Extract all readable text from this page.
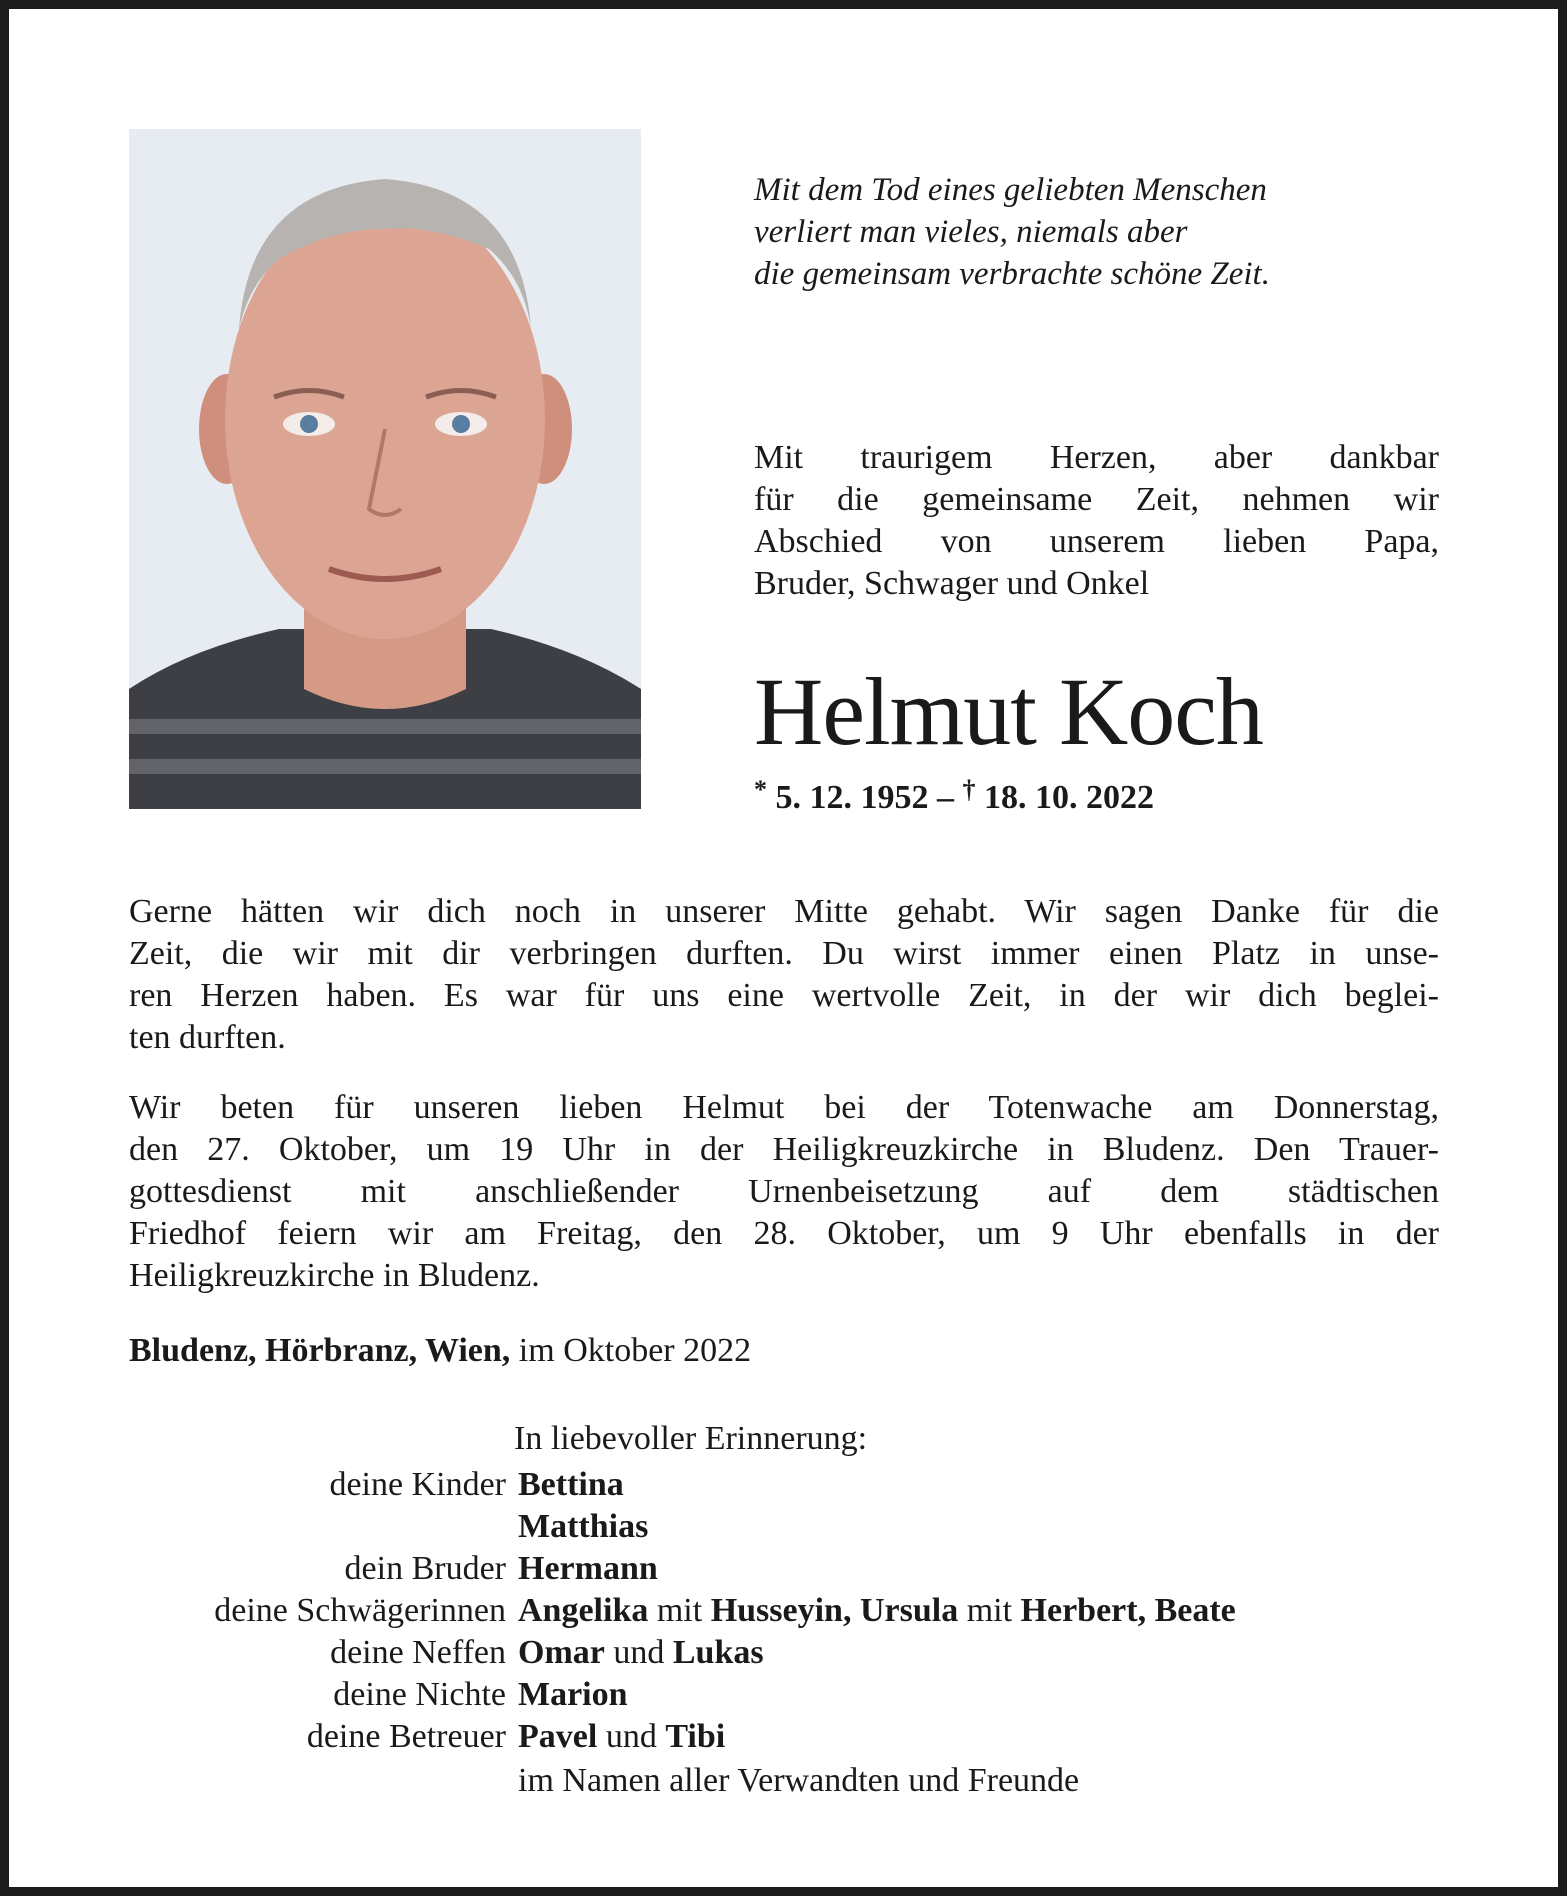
Mit dem Tod eines geliebten Menschen
verliert man vieles, niemals aber
die gemeinsam verbrachte schöne Zeit.
Mit traurigem Herzen, aber dankbar
für die gemeinsame Zeit, nehmen wir
Abschied von unserem lieben Papa,
Bruder, Schwager und Onkel
Helmut Koch
* 5. 12. 1952 – † 18. 10. 2022
Gerne hätten wir dich noch in unserer Mitte gehabt. Wir sagen Danke für die
Zeit, die wir mit dir verbringen durften. Du wirst immer einen Platz in unse-
ren Herzen haben. Es war für uns eine wertvolle Zeit, in der wir dich beglei-
ten durften.
Wir beten für unseren lieben Helmut bei der Totenwache am Donnerstag,
den 27. Oktober, um 19 Uhr in der Heiligkreuzkirche in Bludenz. Den Trauer-
gottesdienst mit anschließender Urnenbeisetzung auf dem städtischen
Friedhof feiern wir am Freitag, den 28. Oktober, um 9 Uhr ebenfalls in der
Heiligkreuzkirche in Bludenz.
Bludenz, Hörbranz, Wien, im Oktober 2022
In liebevoller Erinnerung:
deine Kinder Bettina
Matthias
dein Bruder Hermann
deine Schwägerinnen Angelika mit Husseyin, Ursula mit Herbert, Beate
deine Neffen Omar und Lukas
deine Nichte Marion
deine Betreuer Pavel und Tibi
im Namen aller Verwandten und Freunde
